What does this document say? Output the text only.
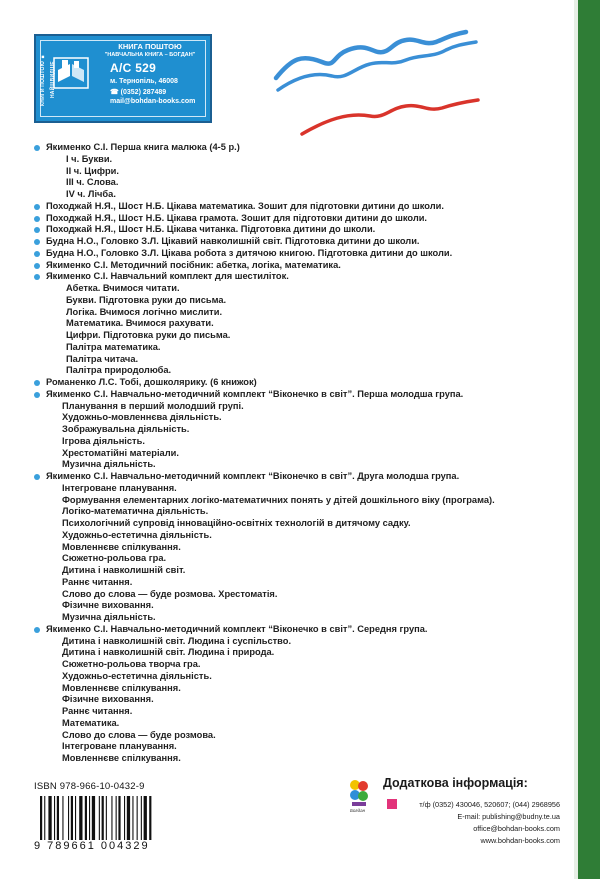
КНИГИ ПОШТОЮ ■ НАЙШВИДШЕ
КНИГА ПОШТОЮ
"НАВЧАЛЬНА КНИГА – БОГДАН"
А/С 529
м. Тернопіль, 46008
☎ (0352) 287489
mail@bohdan-books.com
Якименко С.І. Перша книга малюка (4-5 р.)
І ч. Букви.
ІІ ч. Цифри.
ІІІ ч. Слова.
IV ч. Лічба.
Походжай Н.Я., Шост Н.Б. Цікава математика. Зошит для підготовки дитини до школи.
Походжай Н.Я., Шост Н.Б. Цікава грамота. Зошит для підготовки дитини до школи.
Походжай Н.Я., Шост Н.Б. Цікава читанка. Підготовка дитини до школи.
Будна Н.О., Головко З.Л. Цікавий навколишній світ. Підготовка дитини до школи.
Будна Н.О., Головко З.Л. Цікава робота з дитячою книгою. Підготовка дитини до школи.
Якименко С.І. Методичний посібник: абетка, логіка, математика.
Якименко С.І. Навчальний комплект для шестиліток.
Абетка. Вчимося читати.
Букви. Підготовка руки до письма.
Логіка. Вчимося логічно мислити.
Математика. Вчимося рахувати.
Цифри. Підготовка руки до письма.
Палітра математика.
Палітра читача.
Палітра природолюба.
Романенко Л.С. Тобі, дошколярику. (6 книжок)
Якименко С.І. Навчально-методичний комплект “Віконечко в світ”. Перша молодша група.
Планування в перший молодший групі.
Художньо-мовленнєва діяльність.
Зображувальна діяльність.
Ігрова діяльність.
Хрестоматійні матеріали.
Музична діяльність.
Якименко С.І. Навчально-методичний комплект “Віконечко в світ”. Друга молодша група.
Інтегроване планування.
Формування елементарних логіко-математичних понять у дітей дошкільного віку (програма).
Логіко-математична діяльність.
Психологічний супровід інноваційно-освітніх технологій в дитячому садку.
Художньо-естетична діяльність.
Мовленнєве спілкування.
Сюжетно-рольова гра.
Дитина і навколишній світ.
Раннє читання.
Слово до слова — буде розмова. Хрестоматія.
Фізичне виховання.
Музична діяльність.
Якименко С.І. Навчально-методичний комплект “Віконечко в світ”. Середня група.
Дитина і навколишній світ. Людина і суспільство.
Дитина і навколишній світ. Людина і природа.
Сюжетно-рольова творча гра.
Художньо-естетична діяльність.
Мовленнєве спілкування.
Фізичне виховання.
Раннє читання.
Математика.
Слово до слова — буде розмова.
Інтегроване планування.
Мовленнєве спілкування.
ISBN 978-966-10-0432-9
9 789661 004329
Богдан
Додаткова інформація:
т/ф (0352) 430046, 520607; (044) 2968956
E-mail: publishing@budny.te.ua
office@bohdan-books.com
www.bohdan-books.com
